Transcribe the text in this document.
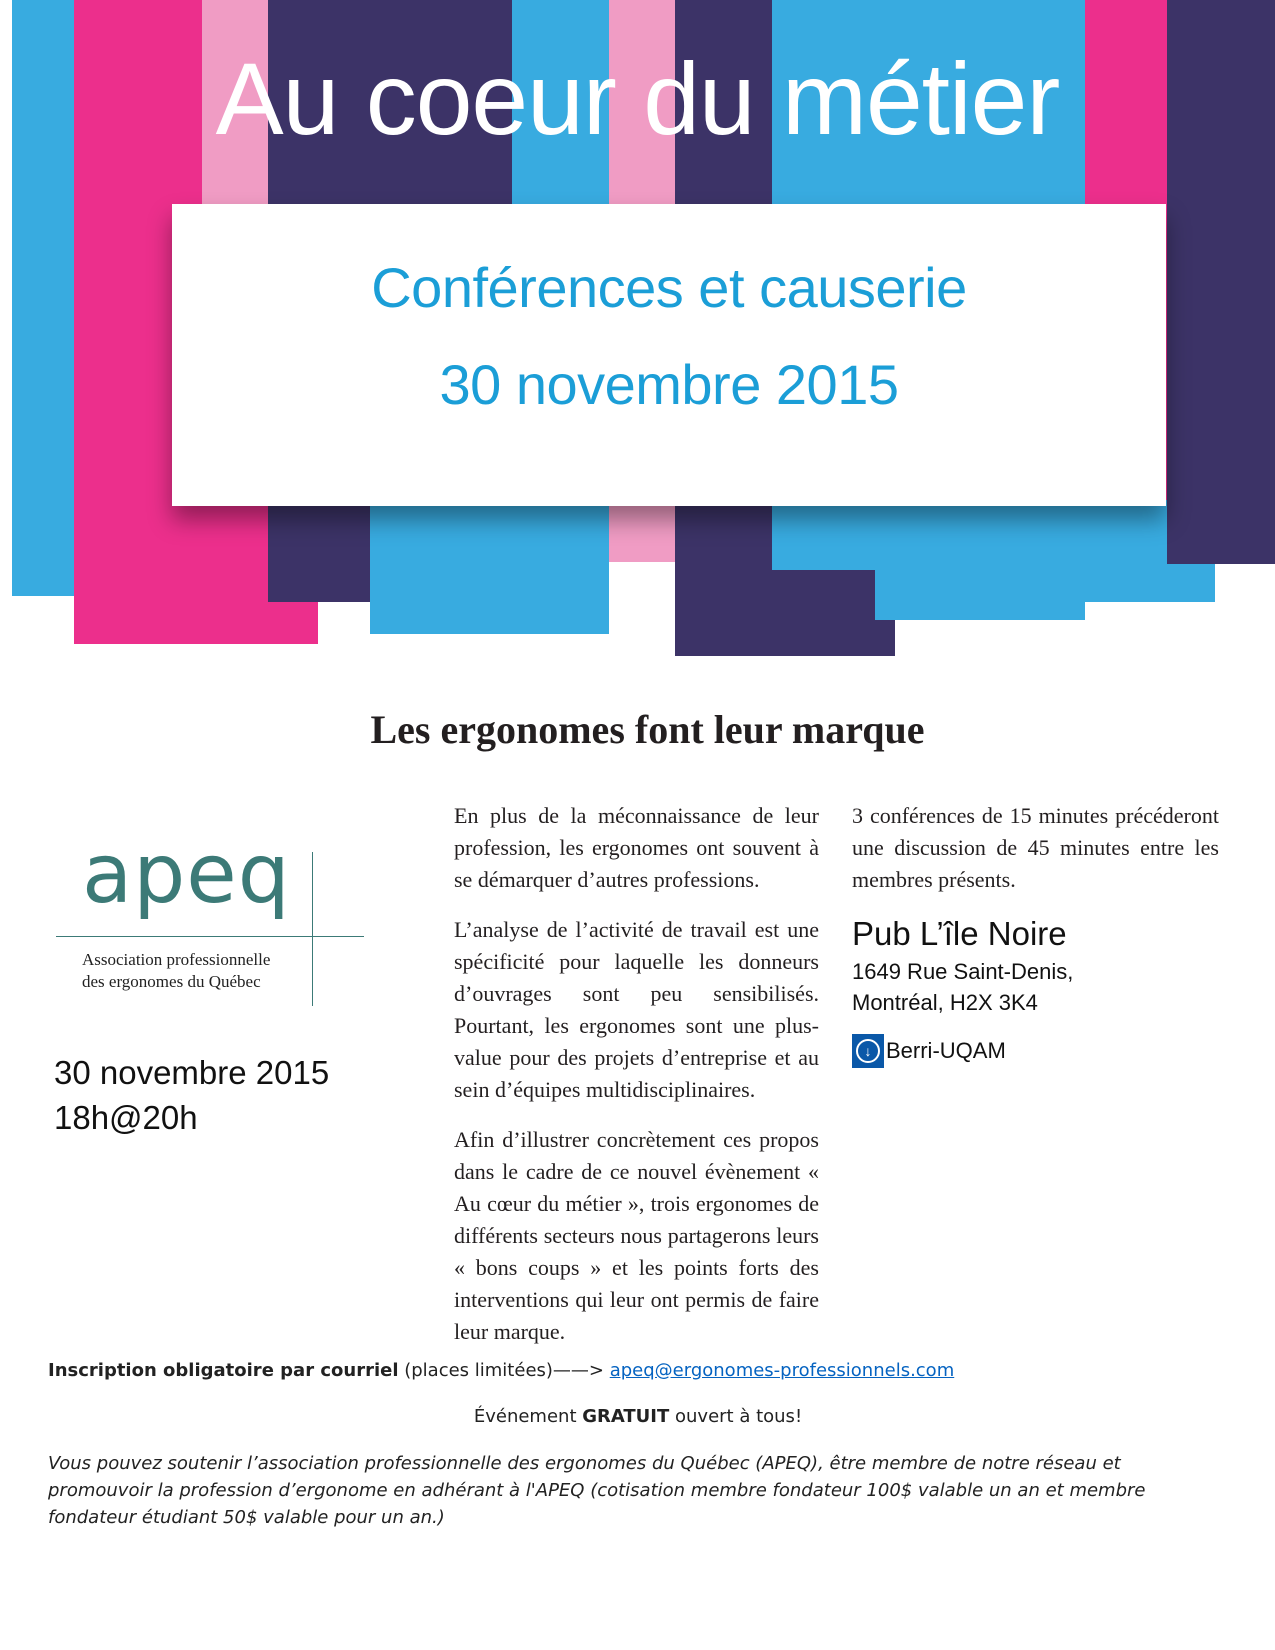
Au coeur du métier
Conférences et causerie
30 novembre 2015
Les ergonomes font leur marque
apeq
Association professionnelle
des ergonomes du Québec
30 novembre 2015
18h@20h

En plus de la méconnaissance de leur profession, les ergonomes ont souvent à se démarquer d’autres professions.

L’analyse de l’activité de travail est une spécificité pour laquelle les donneurs d’ouvrages sont peu sensibilisés. Pourtant, les ergonomes sont une plus-value pour des projets d’entreprise et au sein d’équipes multidisciplinaires.

Afin d’illustrer concrètement ces propos dans le cadre de ce nouvel évènement « Au cœur du métier », trois ergonomes de différents secteurs nous partagerons leurs « bons coups » et les points forts des interventions qui leur ont permis de faire leur marque.

3 conférences de 15 minutes précéderont une discussion de 45 minutes entre les membres présents.

Pub L’île Noire
1649 Rue Saint-Denis,
Montréal, H2X 3K4
↓ Berri-UQAM
Inscription obligatoire par courriel (places limitées)——> apeq@ergonomes-professionnels.com
Événement GRATUIT ouvert à tous!
Vous pouvez soutenir l’association professionnelle des ergonomes du Québec (APEQ), être membre de notre réseau et promouvoir la profession d’ergonome en adhérant à l'APEQ (cotisation membre fondateur 100$ valable un an et membre fondateur étudiant 50$ valable pour un an.)
